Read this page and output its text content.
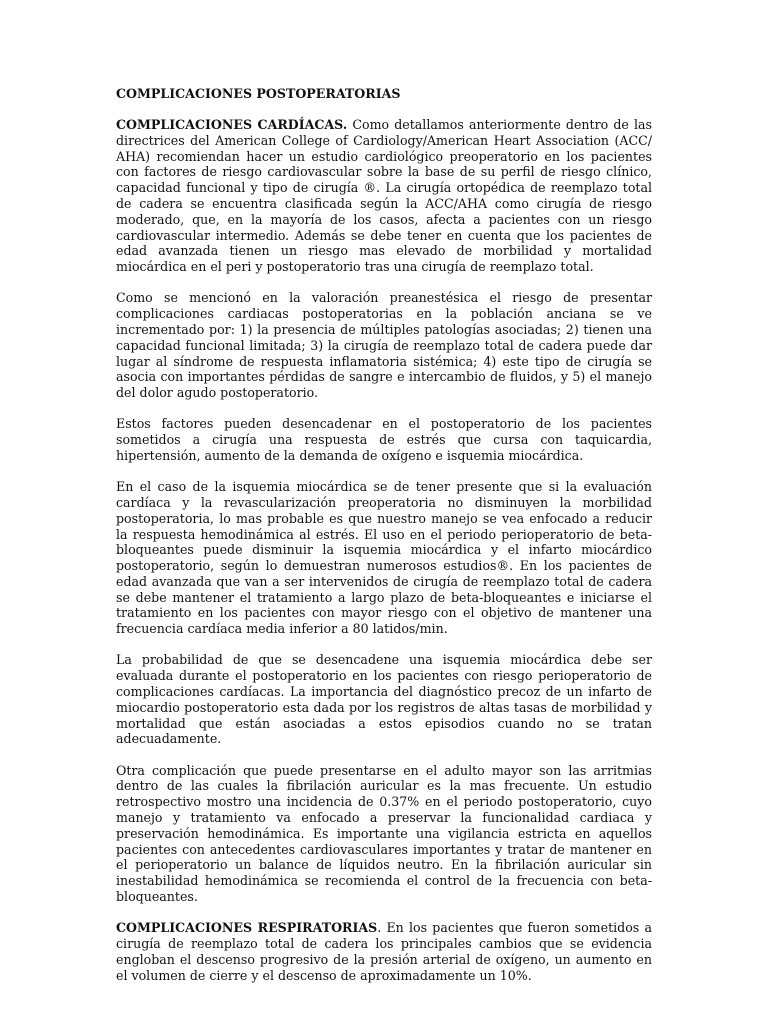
COMPLICACIONES POSTOPERATORIAS

COMPLICACIONES CARDÍACAS. Como detallamos anteriormente dentro de las directrices del American College of Cardiology/American Heart Association (ACC/ AHA) recomiendan hacer un estudio cardiológico preoperatorio en los pacientes con factores de riesgo cardiovascular sobre la base de su perfil de riesgo clínico, capacidad funcional y tipo de cirugía ®. La cirugía ortopédica de reemplazo total de cadera se encuentra clasificada según la ACC/AHA como cirugía de riesgo moderado, que, en la mayoría de los casos, afecta a pacientes con un riesgo cardiovascular intermedio. Además se debe tener en cuenta que los pacientes de edad avanzada tienen un riesgo mas elevado de morbilidad y mortalidad miocárdica en el peri y postoperatorio tras una cirugía de reemplazo total.

Como se mencionó en la valoración preanestésica el riesgo de presentar complicaciones cardiacas postoperatorias en la población anciana se ve incrementado por: 1) la presencia de múltiples patologías asociadas; 2) tienen una capacidad funcional limitada; 3) la cirugía de reemplazo total de cadera puede dar lugar al síndrome de respuesta inflamatoria sistémica; 4) este tipo de cirugía se asocia con importantes pérdidas de sangre e intercambio de fluidos, y 5) el manejo del dolor agudo postoperatorio.

Estos factores pueden desencadenar en el postoperatorio de los pacientes sometidos a cirugía una respuesta de estrés que cursa con taquicardia, hipertensión, aumento de la demanda de oxígeno e isquemia miocárdica.

En el caso de la isquemia miocárdica se de tener presente que si la evaluación cardíaca y la revascularización preoperatoria no disminuyen la morbilidad postoperatoria, lo mas probable es que nuestro manejo se vea enfocado a reducir la respuesta hemodinámica al estrés. El uso en el periodo perioperatorio de beta-bloqueantes puede disminuir la isquemia miocárdica y el infarto miocárdico postoperatorio, según lo demuestran numerosos estudios®. En los pacientes de edad avanzada que van a ser intervenidos de cirugía de reemplazo total de cadera se debe mantener el tratamiento a largo plazo de beta-bloqueantes e iniciarse el tratamiento en los pacientes con mayor riesgo con el objetivo de mantener una frecuencia cardíaca media inferior a 80 latidos/min.

La probabilidad de que se desencadene una isquemia miocárdica debe ser evaluada durante el postoperatorio en los pacientes con riesgo perioperatorio de complicaciones cardíacas. La importancia del diagnóstico precoz de un infarto de miocardio postoperatorio esta dada por los registros de altas tasas de morbilidad y mortalidad que están asociadas a estos episodios cuando no se tratan adecuadamente.

Otra complicación que puede presentarse en el adulto mayor son las arritmias dentro de las cuales la fibrilación auricular es la mas frecuente. Un estudio retrospectivo mostro una incidencia de 0.37% en el periodo postoperatorio, cuyo manejo y tratamiento va enfocado a preservar la funcionalidad cardiaca y preservación hemodinámica. Es importante una vigilancia estricta en aquellos pacientes con antecedentes cardiovasculares importantes y tratar de mantener en el perioperatorio un balance de líquidos neutro. En la fibrilación auricular sin inestabilidad hemodinámica se recomienda el control de la frecuencia con beta-bloqueantes.

COMPLICACIONES RESPIRATORIAS. En los pacientes que fueron sometidos a cirugía de reemplazo total de cadera los principales cambios que se evidencia engloban el descenso progresivo de la presión arterial de oxígeno, un aumento en el volumen de cierre y el descenso de aproximadamente un 10%.
